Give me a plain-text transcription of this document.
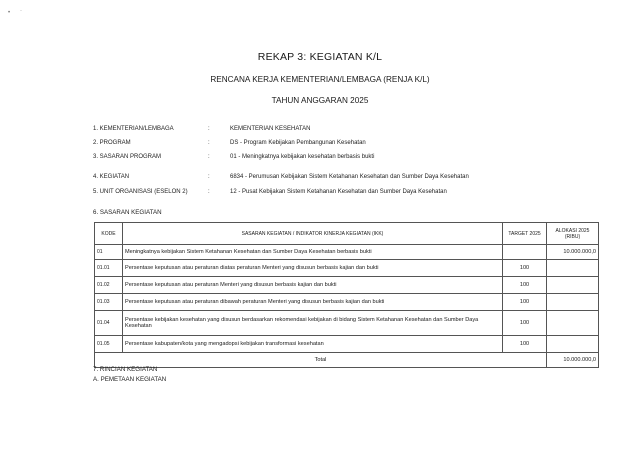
• ·
REKAP 3: KEGIATAN K/L
RENCANA KERJA KEMENTERIAN/LEMBAGA (RENJA K/L)
TAHUN ANGGARAN 2025
1. KEMENTERIAN/LEMBAGA	:	KEMENTERIAN KESEHATAN
2. PROGRAM	:	DS - Program Kebijakan Pembangunan Kesehatan
3. SASARAN PROGRAM	:	01 - Meningkatnya kebijakan kesehatan berbasis bukti
4. KEGIATAN	:	6834 - Perumusan Kebijakan Sistem Ketahanan Kesehatan dan Sumber Daya Kesehatan
5. UNIT ORGANISASI (ESELON 2)	:	12 - Pusat Kebijakan Sistem Ketahanan Kesehatan dan Sumber Daya Kesehatan
6. SASARAN KEGIATAN
KODE	SASARAN KEGIATAN / INDIKATOR KINERJA KEGIATAN (IKK)	TARGET 2025	ALOKASI 2025 (RIBU)
01	Meningkatnya kebijakan Sistem Ketahanan Kesehatan dan Sumber Daya Kesehatan berbasis bukti		10.000.000,0
01.01	Persentase keputusan atau peraturan diatas peraturan Menteri yang disusun berbasis kajian dan bukti	100	
01.02	Persentase keputusan atau peraturan Menteri yang disusun berbasis kajian dan bukti	100	
01.03	Persentase keputusan atau peraturan dibawah peraturan Menteri yang disusun berbasis kajian dan bukti	100	
01.04	Persentase kebijakan kesehatan yang disusun berdasarkan rekomendasi kebijakan di bidang Sistem Ketahanan Kesehatan dan Sumber Daya Kesehatan	100	
01.05	Persentase kabupaten/kota yang mengadopsi kebijakan transformasi kesehatan	100	
Total			10.000.000,0
7. RINCIAN KEGIATAN
A. PEMETAAN KEGIATAN
